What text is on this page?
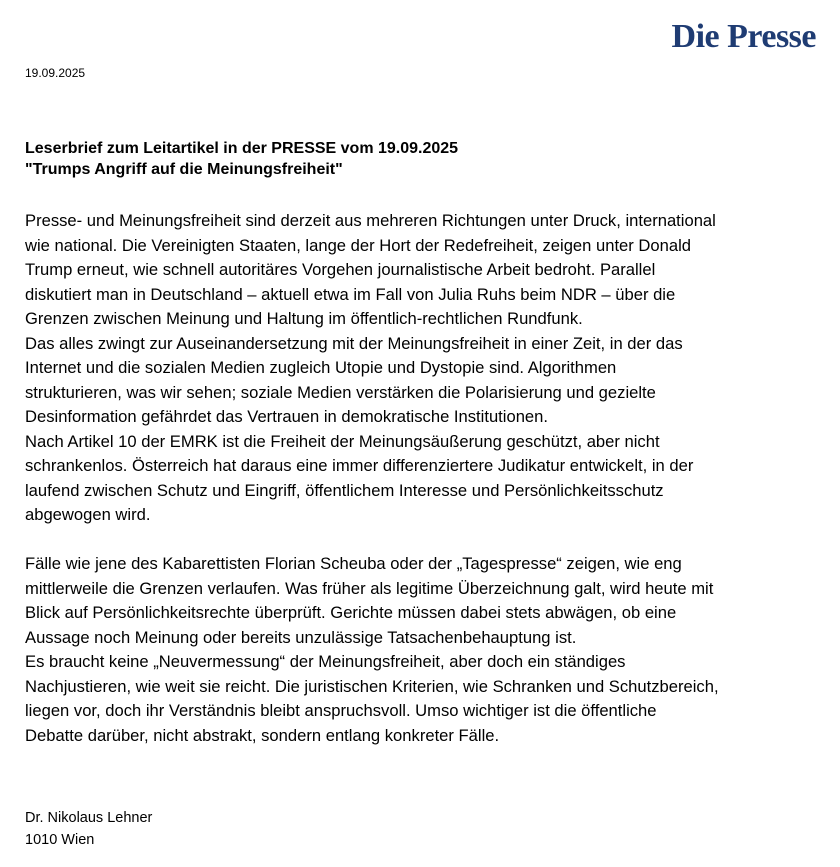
Die Presse
19.09.2025
Leserbrief zum Leitartikel in der PRESSE vom 19.09.2025
"Trumps Angriff auf die Meinungsfreiheit"

Presse- und Meinungsfreiheit sind derzeit aus mehreren Richtungen unter Druck, international

wie national. Die Vereinigten Staaten, lange der Hort der Redefreiheit, zeigen unter Donald

Trump erneut, wie schnell autoritäres Vorgehen journalistische Arbeit bedroht. Parallel

diskutiert man in Deutschland – aktuell etwa im Fall von Julia Ruhs beim NDR – über die

Grenzen zwischen Meinung und Haltung im öffentlich-rechtlichen Rundfunk.

Das alles zwingt zur Auseinandersetzung mit der Meinungsfreiheit in einer Zeit, in der das

Internet und die sozialen Medien zugleich Utopie und Dystopie sind. Algorithmen

strukturieren, was wir sehen; soziale Medien verstärken die Polarisierung und gezielte

Desinformation gefährdet das Vertrauen in demokratische Institutionen.

Nach Artikel 10 der EMRK ist die Freiheit der Meinungsäußerung geschützt, aber nicht

schrankenlos. Österreich hat daraus eine immer differenziertere Judikatur entwickelt, in der

laufend zwischen Schutz und Eingriff, öffentlichem Interesse und Persönlichkeitsschutz

abgewogen wird.

Fälle wie jene des Kabarettisten Florian Scheuba oder der „Tagespresse“ zeigen, wie eng

mittlerweile die Grenzen verlaufen. Was früher als legitime Überzeichnung galt, wird heute mit

Blick auf Persönlichkeitsrechte überprüft. Gerichte müssen dabei stets abwägen, ob eine

Aussage noch Meinung oder bereits unzulässige Tatsachenbehauptung ist.

Es braucht keine „Neuvermessung“ der Meinungsfreiheit, aber doch ein ständiges

Nachjustieren, wie weit sie reicht. Die juristischen Kriterien, wie Schranken und Schutzbereich,

liegen vor, doch ihr Verständnis bleibt anspruchsvoll. Umso wichtiger ist die öffentliche

Debatte darüber, nicht abstrakt, sondern entlang konkreter Fälle.

Dr. Nikolaus Lehner
1010 Wien
